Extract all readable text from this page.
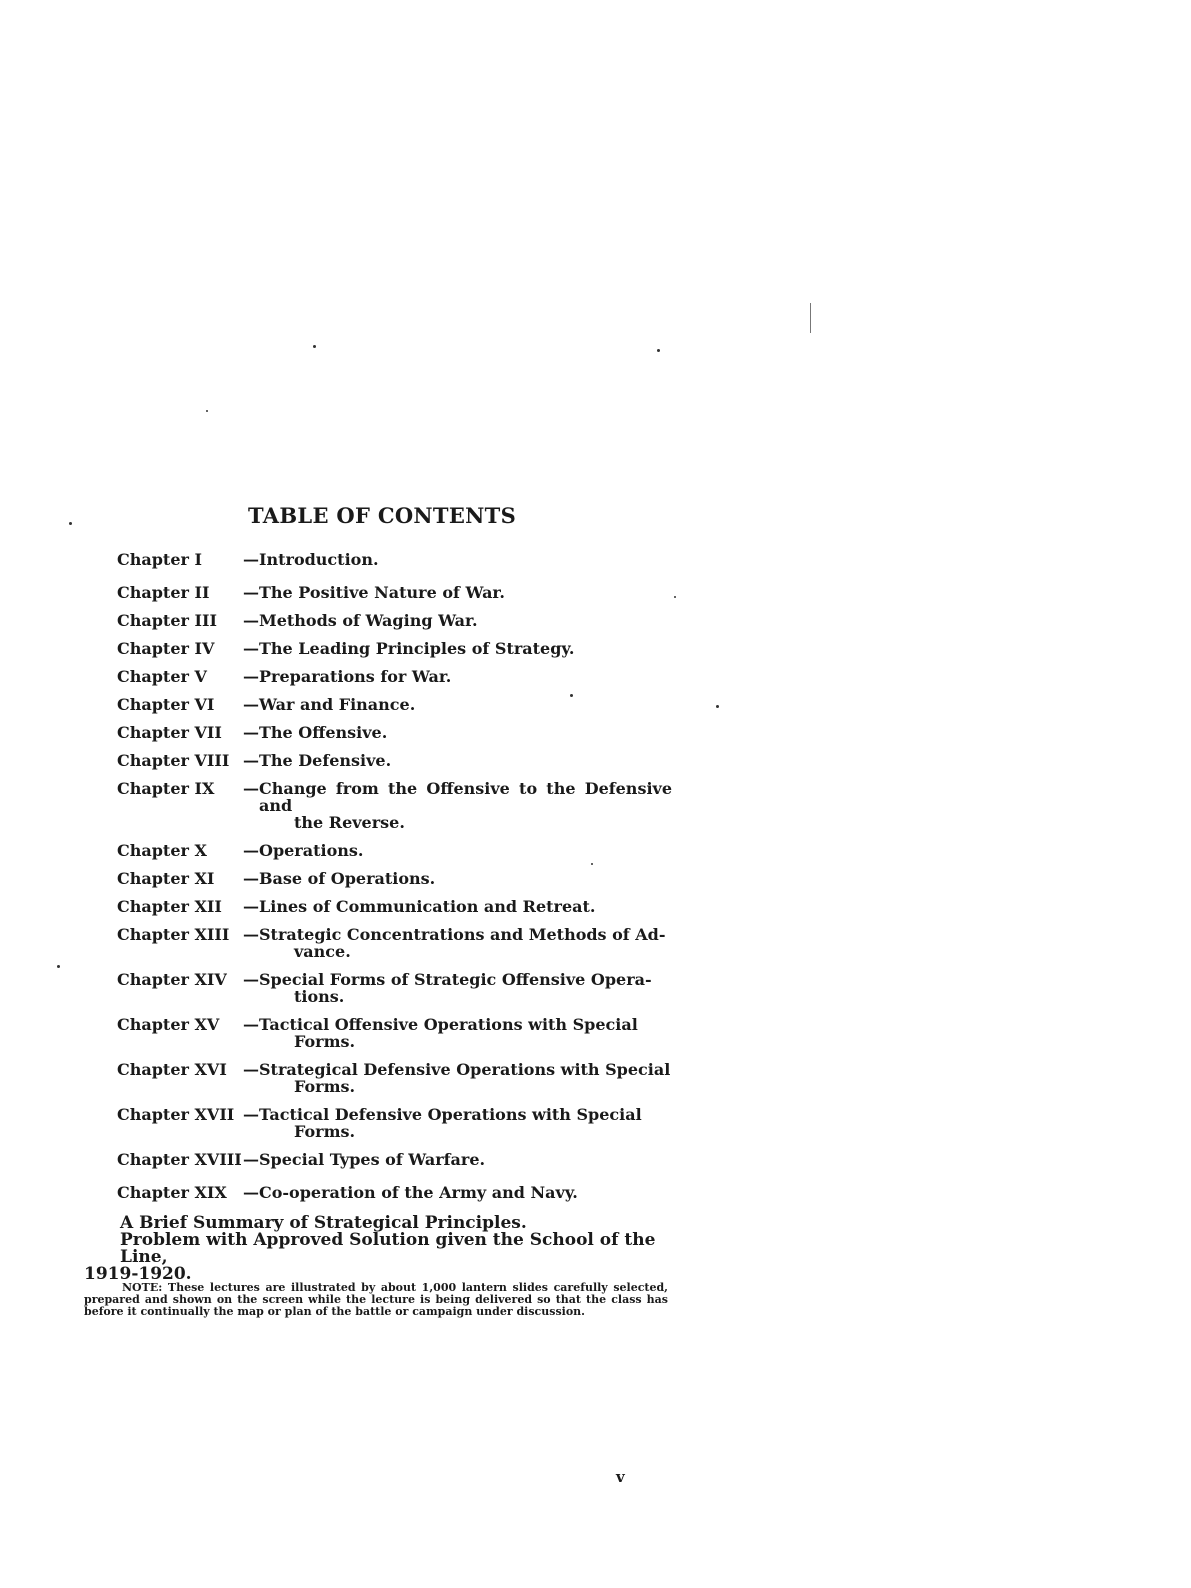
TABLE OF CONTENTS
Chapter I	— Introduction.
Chapter II	— The Positive Nature of War.
Chapter III	— Methods of Waging War.
Chapter IV	— The Leading Principles of Strategy.
Chapter V	— Preparations for War.
Chapter VI	— War and Finance.
Chapter VII	— The Offensive.
Chapter VIII — The Defensive.
Chapter IX	— Change from the Offensive to the Defensive and
the Reverse.
Chapter X	— Operations.
Chapter XI	— Base of Operations.
Chapter XII	— Lines of Communication and Retreat.
Chapter XIII — Strategic Concentrations and Methods of Ad-
vance.
Chapter XIV	— Special Forms of Strategic Offensive Opera-
tions.
Chapter XV	— Tactical Offensive Operations with Special
Forms.
Chapter XVI	— Strategical Defensive Operations with Special
Forms.
Chapter XVII — Tactical Defensive Operations with Special
Forms.
Chapter XVIII — Special Types of Warfare.
Chapter XIX	— Co-operation of the Army and Navy.
A Brief Summary of Strategical Principles.
Problem with Approved Solution given the School of the Line,
1919-1920.
NOTE: These lectures are illustrated by about 1,000 lantern slides carefully selected, prepared and shown on the screen while the lecture is being delivered so that the class has before it continually the map or plan of the battle or campaign under discussion.
v
